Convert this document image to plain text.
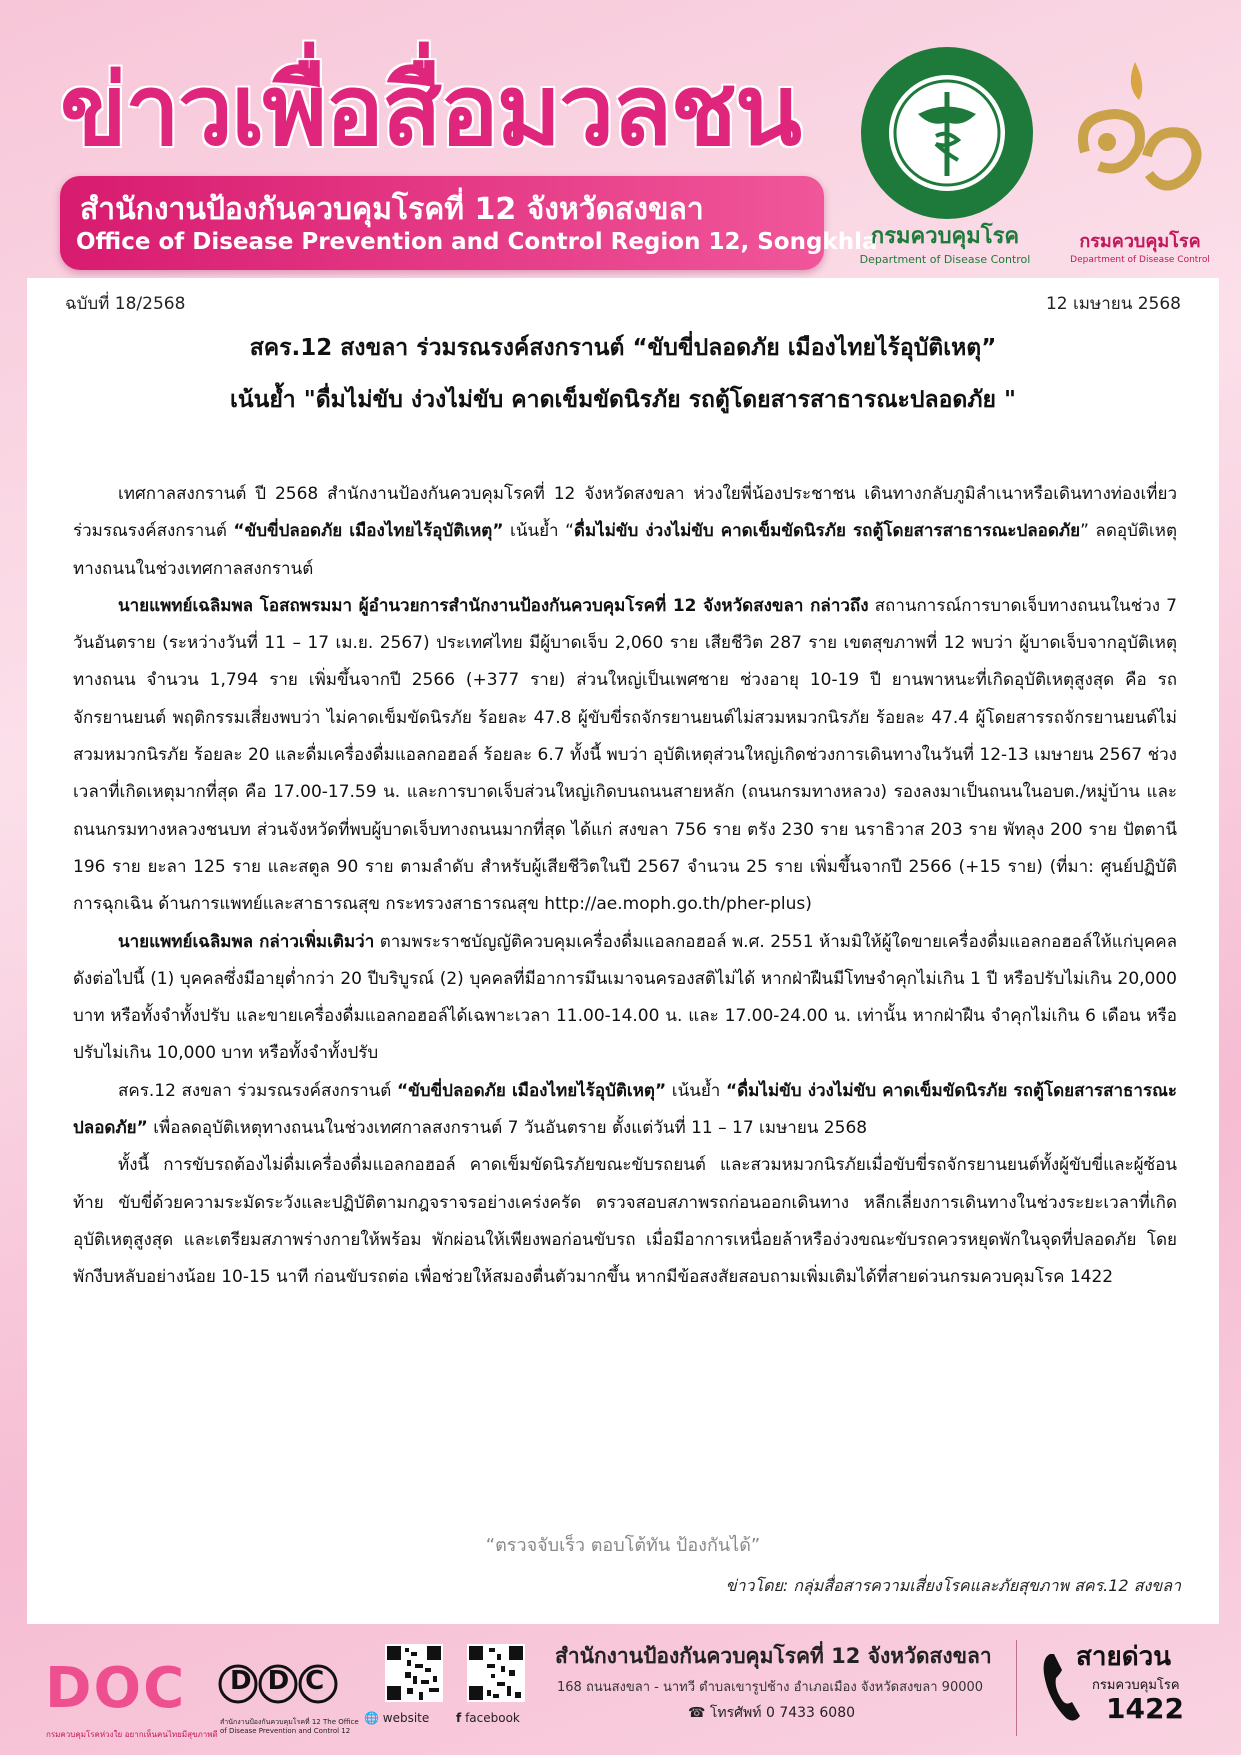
ข่าวเพื่อสื่อมวลชน
สำนักงานป้องกันควบคุมโรคที่ 12 จังหวัดสงขลา
Office of Disease Prevention and Control Region 12, Songkhla
กรมควบคุมโรค
Department of Disease Control
กรมควบคุมโรค
Department of Disease Control
ฉบับที่ 18/2568	12 เมษายน 2568
สคร.12 สงขลา ร่วมรณรงค์สงกรานต์ “ขับขี่ปลอดภัย เมืองไทยไร้อุบัติเหตุ”
เน้นย้ำ "ดื่มไม่ขับ ง่วงไม่ขับ คาดเข็มขัดนิรภัย รถตู้โดยสารสาธารณะปลอดภัย "

เทศกาลสงกรานต์ ปี 2568 สำนักงานป้องกันควบคุมโรคที่ 12 จังหวัดสงขลา ห่วงใยพี่น้องประชาชน เดินทางกลับภูมิลำเนาหรือเดินทางท่องเที่ยว ร่วมรณรงค์สงกรานต์ “ขับขี่ปลอดภัย เมืองไทยไร้อุบัติเหตุ” เน้นย้ำ “ดื่มไม่ขับ ง่วงไม่ขับ คาดเข็มขัดนิรภัย รถตู้โดยสารสาธารณะปลอดภัย” ลดอุบัติเหตุทางถนนในช่วงเทศกาลสงกรานต์

นายแพทย์เฉลิมพล โอสถพรมมา ผู้อำนวยการสำนักงานป้องกันควบคุมโรคที่ 12 จังหวัดสงขลา กล่าวถึง สถานการณ์การบาดเจ็บทางถนนในช่วง 7 วันอันตราย (ระหว่างวันที่ 11 – 17 เม.ย. 2567) ประเทศไทย มีผู้บาดเจ็บ 2,060 ราย เสียชีวิต 287 ราย เขตสุขภาพที่ 12 พบว่า ผู้บาดเจ็บจากอุบัติเหตุทางถนน จำนวน 1,794 ราย เพิ่มขึ้นจากปี 2566 (+377 ราย) ส่วนใหญ่เป็นเพศชาย ช่วงอายุ 10-19 ปี ยานพาหนะที่เกิดอุบัติเหตุสูงสุด คือ รถจักรยานยนต์ พฤติกรรมเสี่ยงพบว่า ไม่คาดเข็มขัดนิรภัย ร้อยละ 47.8 ผู้ขับขี่รถจักรยานยนต์ไม่สวมหมวกนิรภัย ร้อยละ 47.4 ผู้โดยสารรถจักรยานยนต์ไม่สวมหมวกนิรภัย ร้อยละ 20 และดื่มเครื่องดื่มแอลกอฮอล์ ร้อยละ 6.7 ทั้งนี้ พบว่า อุบัติเหตุส่วนใหญ่เกิดช่วงการเดินทางในวันที่ 12-13 เมษายน 2567 ช่วงเวลาที่เกิดเหตุมากที่สุด คือ 17.00-17.59 น. และการบาดเจ็บส่วนใหญ่เกิดบนถนนสายหลัก (ถนนกรมทางหลวง) รองลงมาเป็นถนนในอบต./หมู่บ้าน และถนนกรมทางหลวงชนบท ส่วนจังหวัดที่พบผู้บาดเจ็บทางถนนมากที่สุด ได้แก่ สงขลา 756 ราย ตรัง 230 ราย นราธิวาส 203 ราย พัทลุง 200 ราย ปัตตานี 196 ราย ยะลา 125 ราย และสตูล 90 ราย ตามลำดับ สำหรับผู้เสียชีวิตในปี 2567 จำนวน 25 ราย เพิ่มขึ้นจากปี 2566 (+15 ราย) (ที่มา: ศูนย์ปฏิบัติการฉุกเฉิน ด้านการแพทย์และสาธารณสุข กระทรวงสาธารณสุข http://ae.moph.go.th/pher-plus)

นายแพทย์เฉลิมพล กล่าวเพิ่มเติมว่า ตามพระราชบัญญัติควบคุมเครื่องดื่มแอลกอฮอล์ พ.ศ. 2551 ห้ามมิให้ผู้ใดขายเครื่องดื่มแอลกอฮอล์ให้แก่บุคคลดังต่อไปนี้ (1) บุคคลซึ่งมีอายุต่ำกว่า 20 ปีบริบูรณ์ (2) บุคคลที่มีอาการมึนเมาจนครองสติไม่ได้ หากฝ่าฝืนมีโทษจำคุกไม่เกิน 1 ปี หรือปรับไม่เกิน 20,000 บาท หรือทั้งจำทั้งปรับ และขายเครื่องดื่มแอลกอฮอล์ได้เฉพาะเวลา 11.00-14.00 น. และ 17.00-24.00 น. เท่านั้น หากฝ่าฝืน จำคุกไม่เกิน 6 เดือน หรือปรับไม่เกิน 10,000 บาท หรือทั้งจำทั้งปรับ

สคร.12 สงขลา ร่วมรณรงค์สงกรานต์ “ขับขี่ปลอดภัย เมืองไทยไร้อุบัติเหตุ” เน้นย้ำ “ดื่มไม่ขับ ง่วงไม่ขับ คาดเข็มขัดนิรภัย รถตู้โดยสารสาธารณะปลอดภัย” เพื่อลดอุบัติเหตุทางถนนในช่วงเทศกาลสงกรานต์ 7 วันอันตราย ตั้งแต่วันที่ 11 – 17 เมษายน 2568

ทั้งนี้ การขับรถต้องไม่ดื่มเครื่องดื่มแอลกอฮอล์ คาดเข็มขัดนิรภัยขณะขับรถยนต์ และสวมหมวกนิรภัยเมื่อขับขี่รถจักรยานยนต์ทั้งผู้ขับขี่และผู้ซ้อนท้าย ขับขี่ด้วยความระมัดระวังและปฏิบัติตามกฎจราจรอย่างเคร่งครัด ตรวจสอบสภาพรถก่อนออกเดินทาง หลีกเลี่ยงการเดินทางในช่วงระยะเวลาที่เกิดอุบัติเหตุสูงสุด และเตรียมสภาพร่างกายให้พร้อม พักผ่อนให้เพียงพอก่อนขับรถ เมื่อมีอาการเหนื่อยล้าหรือง่วงขณะขับรถควรหยุดพักในจุดที่ปลอดภัย โดยพักงีบหลับอย่างน้อย 10-15 นาที ก่อนขับรถต่อ เพื่อช่วยให้สมองตื่นตัวมากขึ้น หากมีข้อสงสัยสอบถามเพิ่มเติมได้ที่สายด่วนกรมควบคุมโรค 1422

“ตรวจจับเร็ว ตอบโต้ทัน ป้องกันได้”
ข่าวโดย: กลุ่มสื่อสารความเสี่ยงโรคและภัยสุขภาพ สคร.12 สงขลา
DOC
กรมควบคุมโรคห่วงใย อยากเห็นคนไทยมีสุขภาพดี
DDC
สำนักงานป้องกันควบคุมโรคที่ 12 The Office of Disease Prevention and Control 12
🌐 website f facebook
สำนักงานป้องกันควบคุมโรคที่ 12 จังหวัดสงขลา
168 ถนนสงขลา - นาทวี ตำบลเขารูปช้าง อำเภอเมือง จังหวัดสงขลา 90000
☎ โทรศัพท์ 0 7433 6080
สายด่วน
กรมควบคุมโรค
1422
